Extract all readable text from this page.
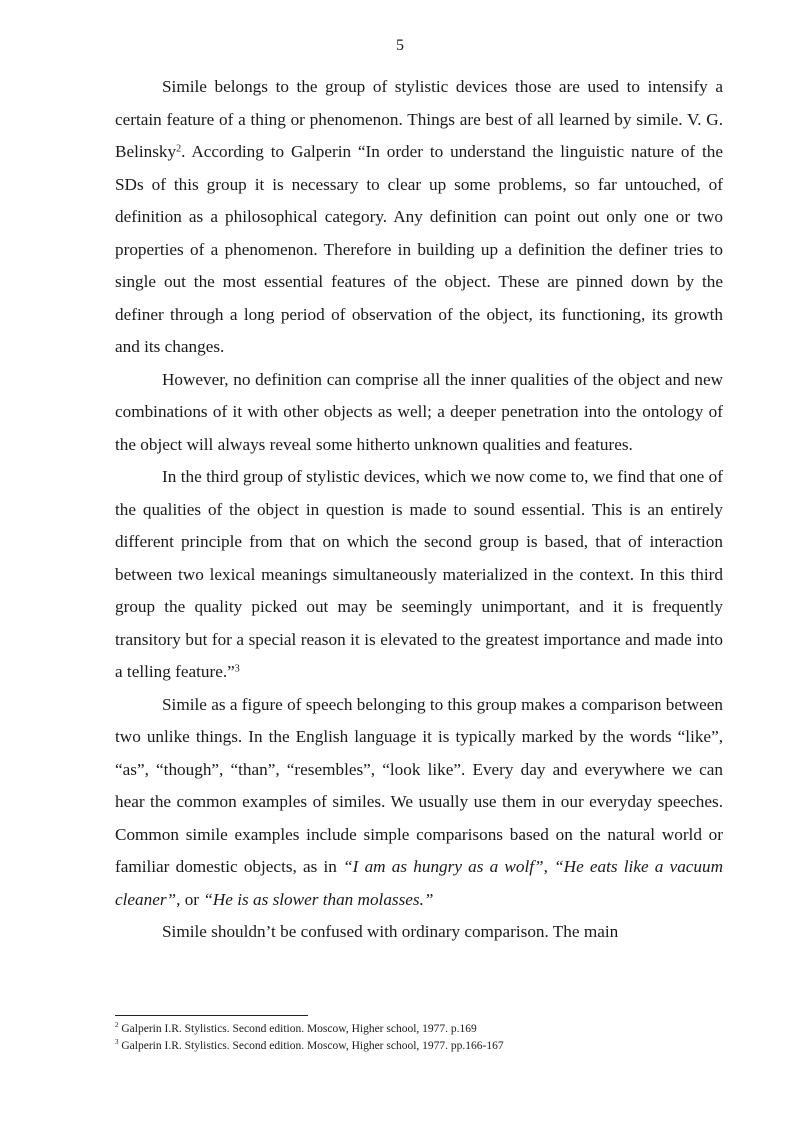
5

Simile belongs to the group of stylistic devices those are used to intensify a certain feature of a thing or phenomenon. Things are best of all learned by simile. V. G. Belinsky$^2$. According to Galperin “In order to understand the linguistic nature of the SDs of this group it is necessary to clear up some problems, so far untouched, of definition as a philosophical category. Any definition can point out only one or two properties of a phenomenon. Therefore in building up a definition the definer tries to single out the most essential features of the object. These are pinned down by the definer through a long period of observation of the object, its functioning, its growth and its changes.

However, no definition can comprise all the inner qualities of the object and new combinations of it with other objects as well; a deeper penetration into the ontology of the object will always reveal some hitherto unknown qualities and features.

In the third group of stylistic devices, which we now come to, we find that one of the qualities of the object in question is made to sound essential. This is an entirely different principle from that on which the second group is based, that of interaction between two lexical meanings simultaneously materialized in the context. In this third group the quality picked out may be seemingly unimportant, and it is frequently transitory but for a special reason it is elevated to the greatest importance and made into a telling feature.”$^3$

Simile as a figure of speech belonging to this group makes a comparison between two unlike things. In the English language it is typically marked by the words “like”, “as”, “though”, “than”, “resembles”, “look like”. Every day and everywhere we can hear the common examples of similes. We usually use them in our everyday speeches. Common simile examples include simple comparisons based on the natural world or familiar domestic objects, as in “I am as hungry as a wolf”, “He eats like a vacuum cleaner”, or “He is as slower than molasses.”

Simile shouldn’t be confused with ordinary comparison. The main

$^2$ Galperin I.R. Stylistics. Second edition. Moscow, Higher school, 1977. p.169

$^3$ Galperin I.R. Stylistics. Second edition. Moscow, Higher school, 1977. pp.166-167
